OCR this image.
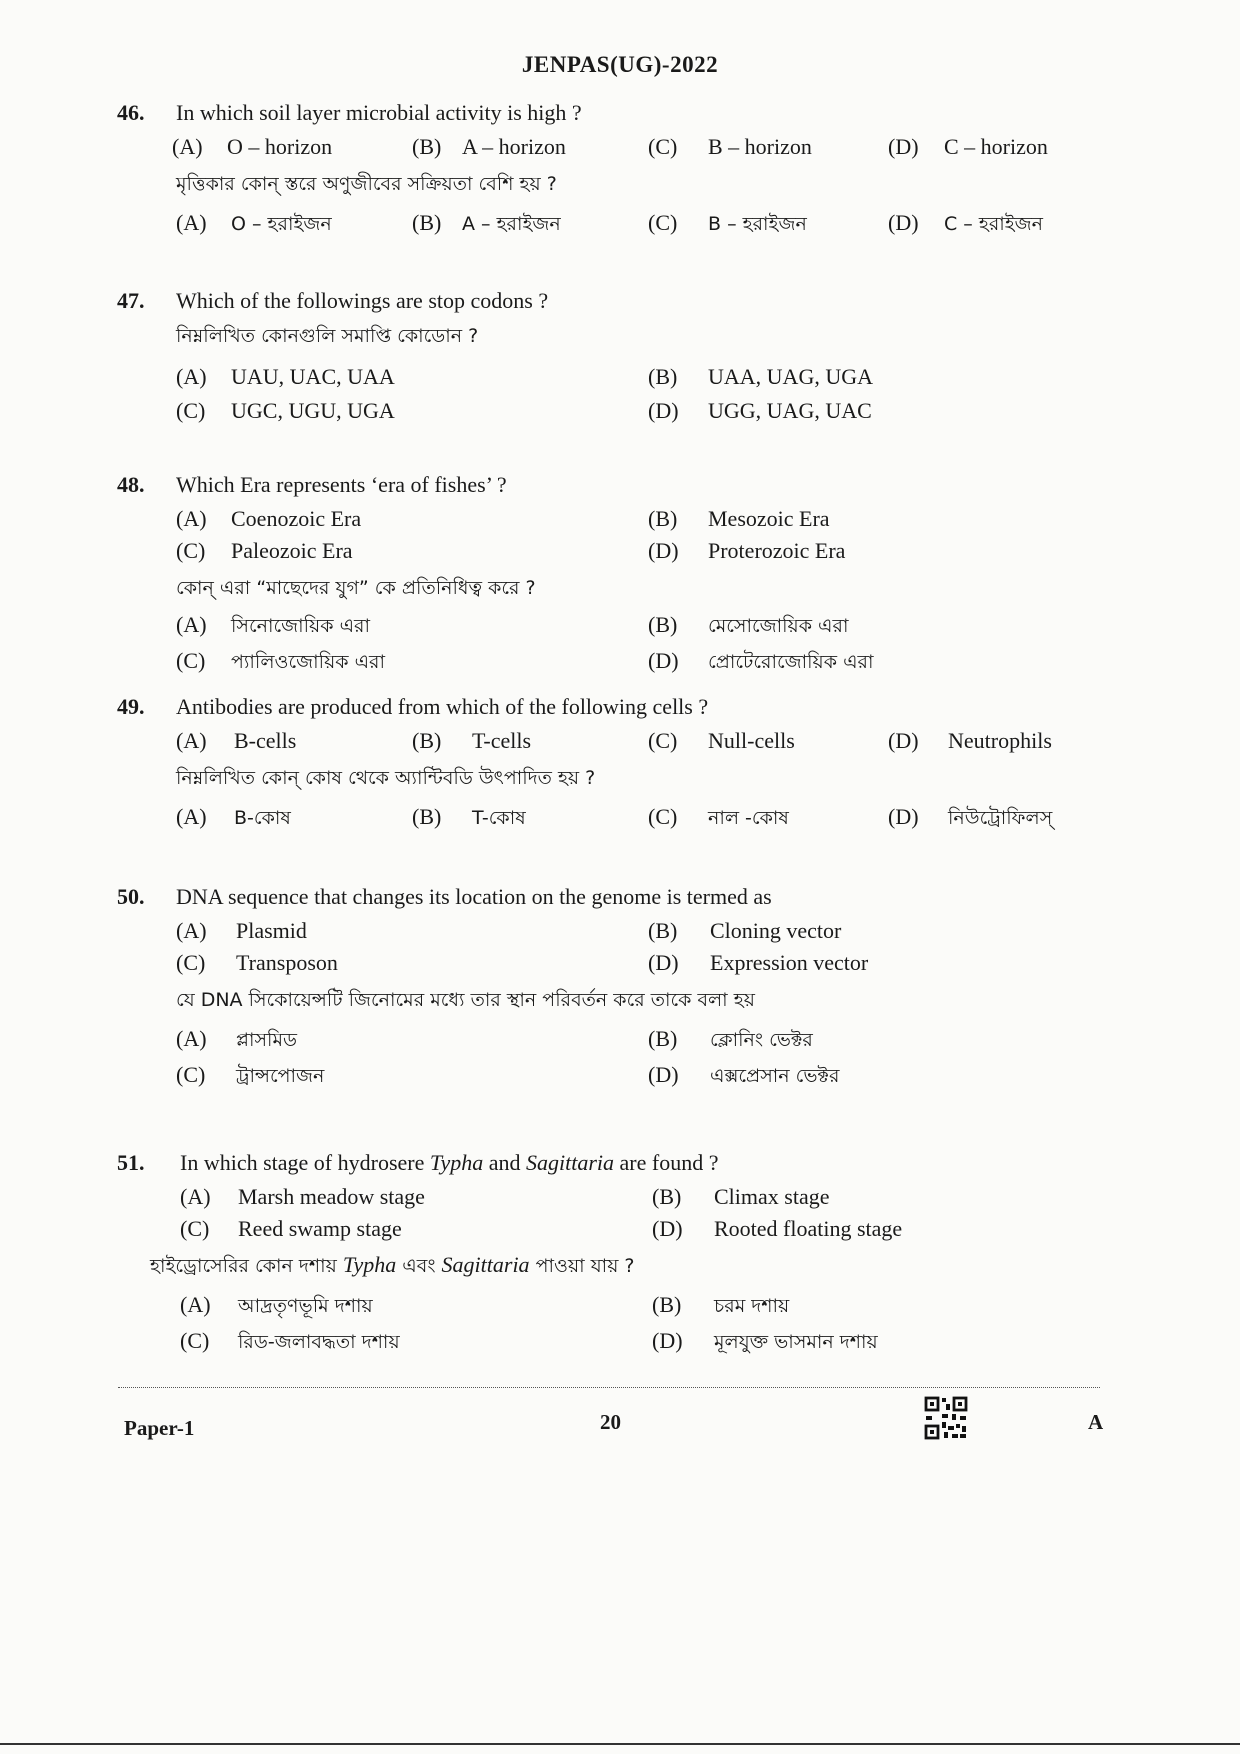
JENPAS(UG)-2022
46. In which soil layer microbial activity is high ?
(A) O – horizon	(B) A – horizon	(C) B – horizon	(D) C – horizon
মৃত্তিকার কোন্ স্তরে অণুজীবের সক্রিয়তা বেশি হয় ?
(A) O – হরাইজন	(B) A – হরাইজন	(C) B – হরাইজন	(D) C – হরাইজন
47. Which of the followings are stop codons ?
নিম্নলিখিত কোনগুলি সমাপ্তি কোডোন ?
(A) UAU, UAC, UAA	(B) UAA, UAG, UGA
(C) UGC, UGU, UGA	(D) UGG, UAG, UAC
48. Which Era represents ‘era of fishes’ ?
(A) Coenozoic Era	(B) Mesozoic Era
(C) Paleozoic Era	(D) Proterozoic Era
কোন্ এরা “মাছেদের যুগ” কে প্রতিনিধিত্ব করে ?
(A) সিনোজোয়িক এরা	(B) মেসোজোয়িক এরা
(C) প্যালিওজোয়িক এরা	(D) প্রোটেরোজোয়িক এরা
49. Antibodies are produced from which of the following cells ?
(A) B-cells	(B) T-cells	(C) Null-cells	(D) Neutrophils
নিম্নলিখিত কোন্ কোষ থেকে অ্যান্টিবডি উৎপাদিত হয় ?
(A) B-কোষ	(B) T-কোষ	(C) নাল -কোষ	(D) নিউট্রোফিলস্
50. DNA sequence that changes its location on the genome is termed as
(A) Plasmid	(B) Cloning vector
(C) Transposon	(D) Expression vector
যে DNA সিকোয়েন্সটি জিনোমের মধ্যে তার স্থান পরিবর্তন করে তাকে বলা হয়
(A) প্লাসমিড	(B) ক্লোনিং ভেক্টর
(C) ট্রান্সপোজন	(D) এক্সপ্রেসান ভেক্টর
51. In which stage of hydrosere Typha and Sagittaria are found ?
(A) Marsh meadow stage	(B) Climax stage
(C) Reed swamp stage	(D) Rooted floating stage
হাইড্রোসেরির কোন দশায় Typha এবং Sagittaria পাওয়া যায় ?
(A) আদ্রতৃণভূমি দশায়	(B) চরম দশায়
(C) রিড-জলাবদ্ধতা দশায়	(D) মূলযুক্ত ভাসমান দশায়
Paper-1	20	A
